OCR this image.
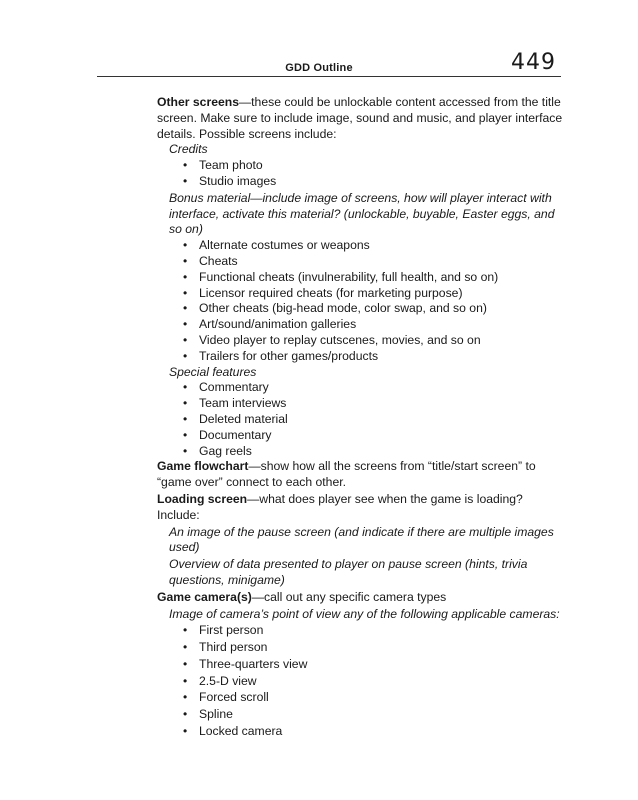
GDD Outline	449

Other screens—these could be unlockable content accessed from the title screen. Make sure to include image, sound and music, and player interface details. Possible screens include:

Credits

• Team photo
• Studio images

Bonus material—include image of screens, how will player interact with interface, activate this material? (unlockable, buyable, Easter eggs, and so on)

• Alternate costumes or weapons
• Cheats
• Functional cheats (invulnerability, full health, and so on)
• Licensor required cheats (for marketing purpose)
• Other cheats (big-head mode, color swap, and so on)
• Art/sound/animation galleries
• Video player to replay cutscenes, movies, and so on
• Trailers for other games/products

Special features

• Commentary
• Team interviews
• Deleted material
• Documentary
• Gag reels

Game flowchart—show how all the screens from “title/start screen” to “game over” connect to each other.

Loading screen—what does player see when the game is loading? Include:

An image of the pause screen (and indicate if there are multiple images used)

Overview of data presented to player on pause screen (hints, trivia questions, minigame)

Game camera(s)—call out any specific camera types

Image of camera’s point of view any of the following applicable cameras:

• First person
• Third person
• Three-quarters view
• 2.5-D view
• Forced scroll
• Spline
• Locked camera
